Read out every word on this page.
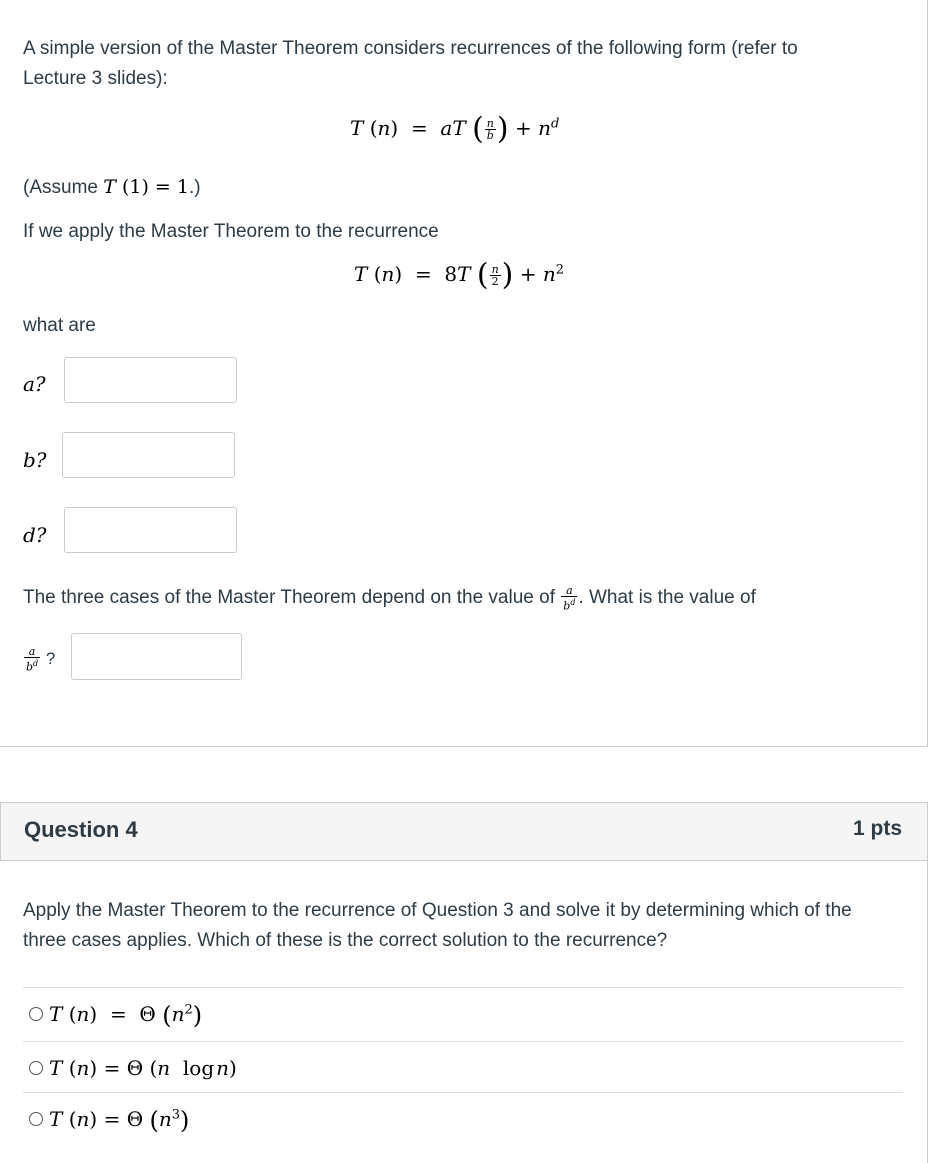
A simple version of the Master Theorem considers recurrences of the following form (refer to
Lecture 3 slides):
T (n)  = aT ( $\frac{n}{b}$ ) + $n^d$
(Assume T (1) = 1.)
If we apply the Master Theorem to the recurrence
T (n)  = 8T ( $\frac{n}{2}$ ) + $n^2$
what are
a?
b?
d?
The three cases of the Master Theorem depend on the value of $\frac{a}{b^d}$ . What is the value of
$\frac{a}{b^d}$ ?
Question 4	1 pts
Apply the Master Theorem to the recurrence of Question 3 and solve it by determining which of the
three cases applies. Which of these is the correct solution to the recurrence?
T (n)  = Θ $(n^2)$
T (n) = Θ (n  log n)
T (n) = Θ $(n^3)$
